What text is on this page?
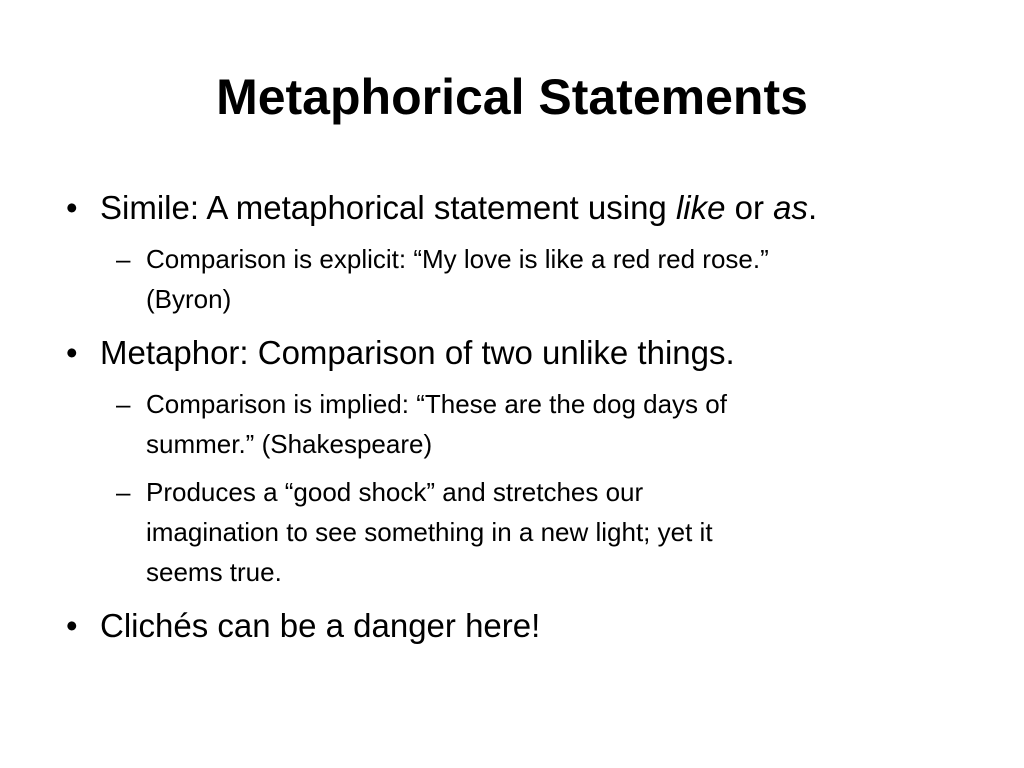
Metaphorical Statements
• Simile: A metaphorical statement using like or as.
– Comparison is explicit: “My love is like a red red rose.”
(Byron)
• Metaphor: Comparison of two unlike things.
– Comparison is implied: “These are the dog days of
summer.” (Shakespeare)
– Produces a “good shock” and stretches our
imagination to see something in a new light; yet it
seems true.
• Clichés can be a danger here!
